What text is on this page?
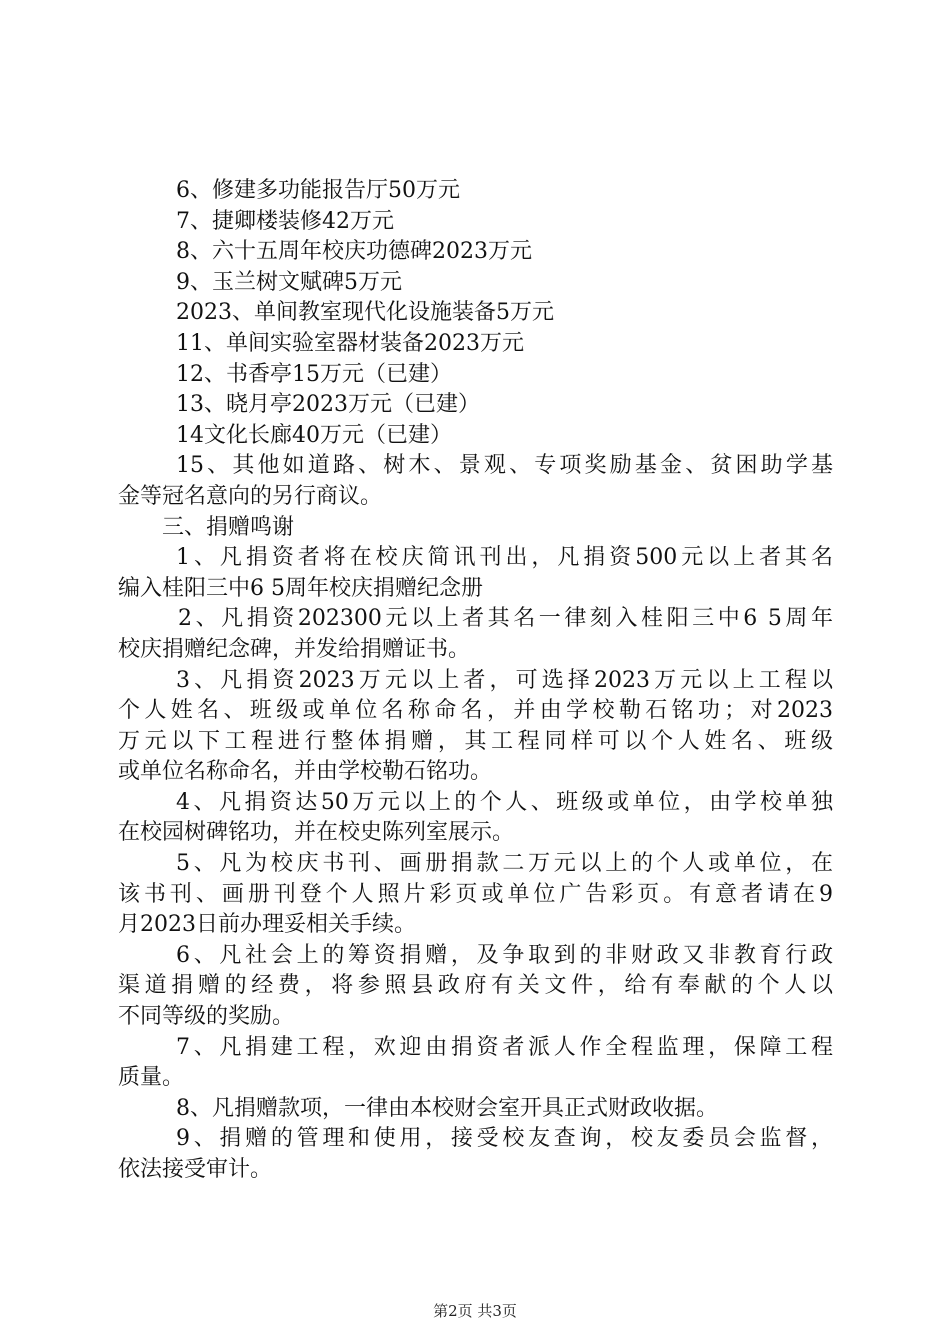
6、修建多功能报告厅50万元
7、捷卿楼装修42万元
8、六十五周年校庆功德碑2023万元
9、玉兰树文赋碑5万元
2023、单间教室现代化设施装备5万元
11、单间实验室器材装备2023万元
12、书香亭15万元（已建）
13、晓月亭2023万元（已建）
14文化长廊40万元（已建）
15、其他如道路、树木、景观、专项奖励基金、贫困助学基
金等冠名意向的另行商议。
三、捐赠鸣谢
1、凡捐资者将在校庆简讯刊出，凡捐资500元以上者其名
编入桂阳三中6 5周年校庆捐赠纪念册
2、凡捐资202300元以上者其名一律刻入桂阳三中6 5周年
校庆捐赠纪念碑，并发给捐赠证书。
3、凡捐资2023万元以上者，可选择2023万元以上工程以
个人姓名、班级或单位名称命名，并由学校勒石铭功；对2023
万元以下工程进行整体捐赠，其工程同样可以个人姓名、班级
或单位名称命名，并由学校勒石铭功。
4、凡捐资达50万元以上的个人、班级或单位，由学校单独
在校园树碑铭功，并在校史陈列室展示。
5、凡为校庆书刊、画册捐款二万元以上的个人或单位，在
该书刊、画册刊登个人照片彩页或单位广告彩页。有意者请在9
月2023日前办理妥相关手续。
6、凡社会上的筹资捐赠，及争取到的非财政又非教育行政
渠道捐赠的经费，将参照县政府有关文件，给有奉献的个人以
不同等级的奖励。
7、凡捐建工程，欢迎由捐资者派人作全程监理，保障工程
质量。
8、凡捐赠款项，一律由本校财会室开具正式财政收据。
9、捐赠的管理和使用，接受校友查询，校友委员会监督，
依法接受审计。
第2页 共3页
